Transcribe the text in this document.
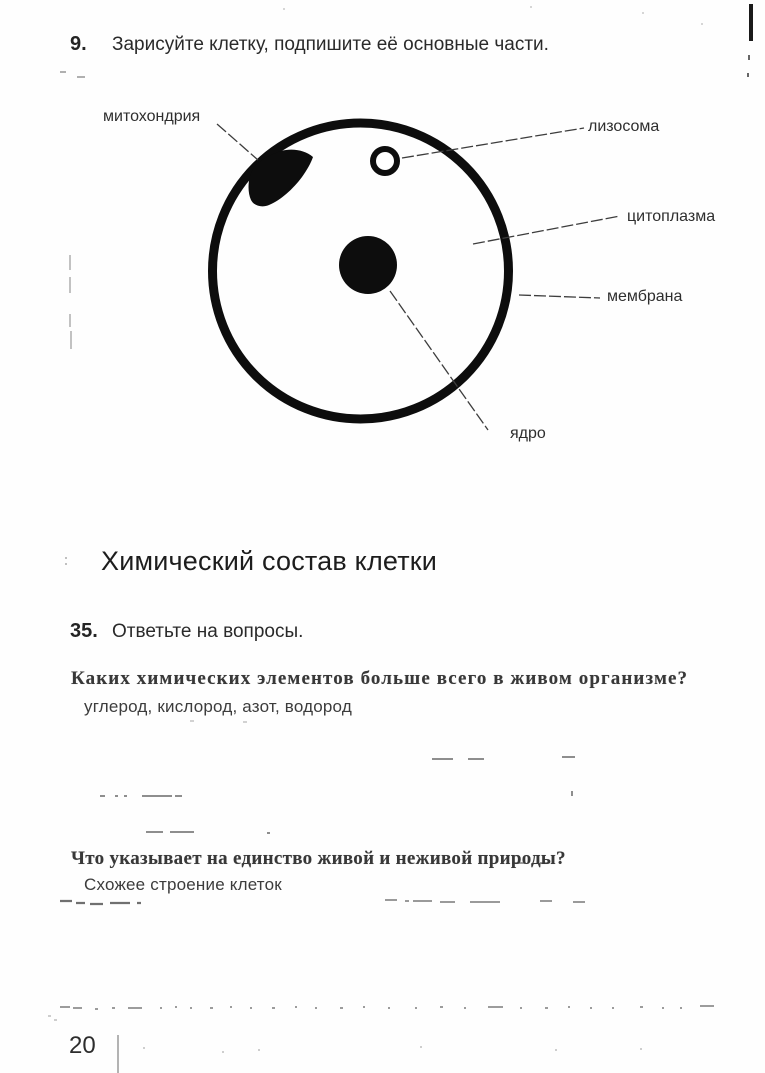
9. Зарисуйте клетку, подпишите её основные части.
митохондрия
лизосома
цитоплазма
мембрана
ядро
Химический состав клетки
35. Ответьте на вопросы.
Каких химических элементов больше всего в живом организме?
углерод, кислород, азот, водород
Что указывает на единство живой и неживой природы?
Схожее строение клеток
20
